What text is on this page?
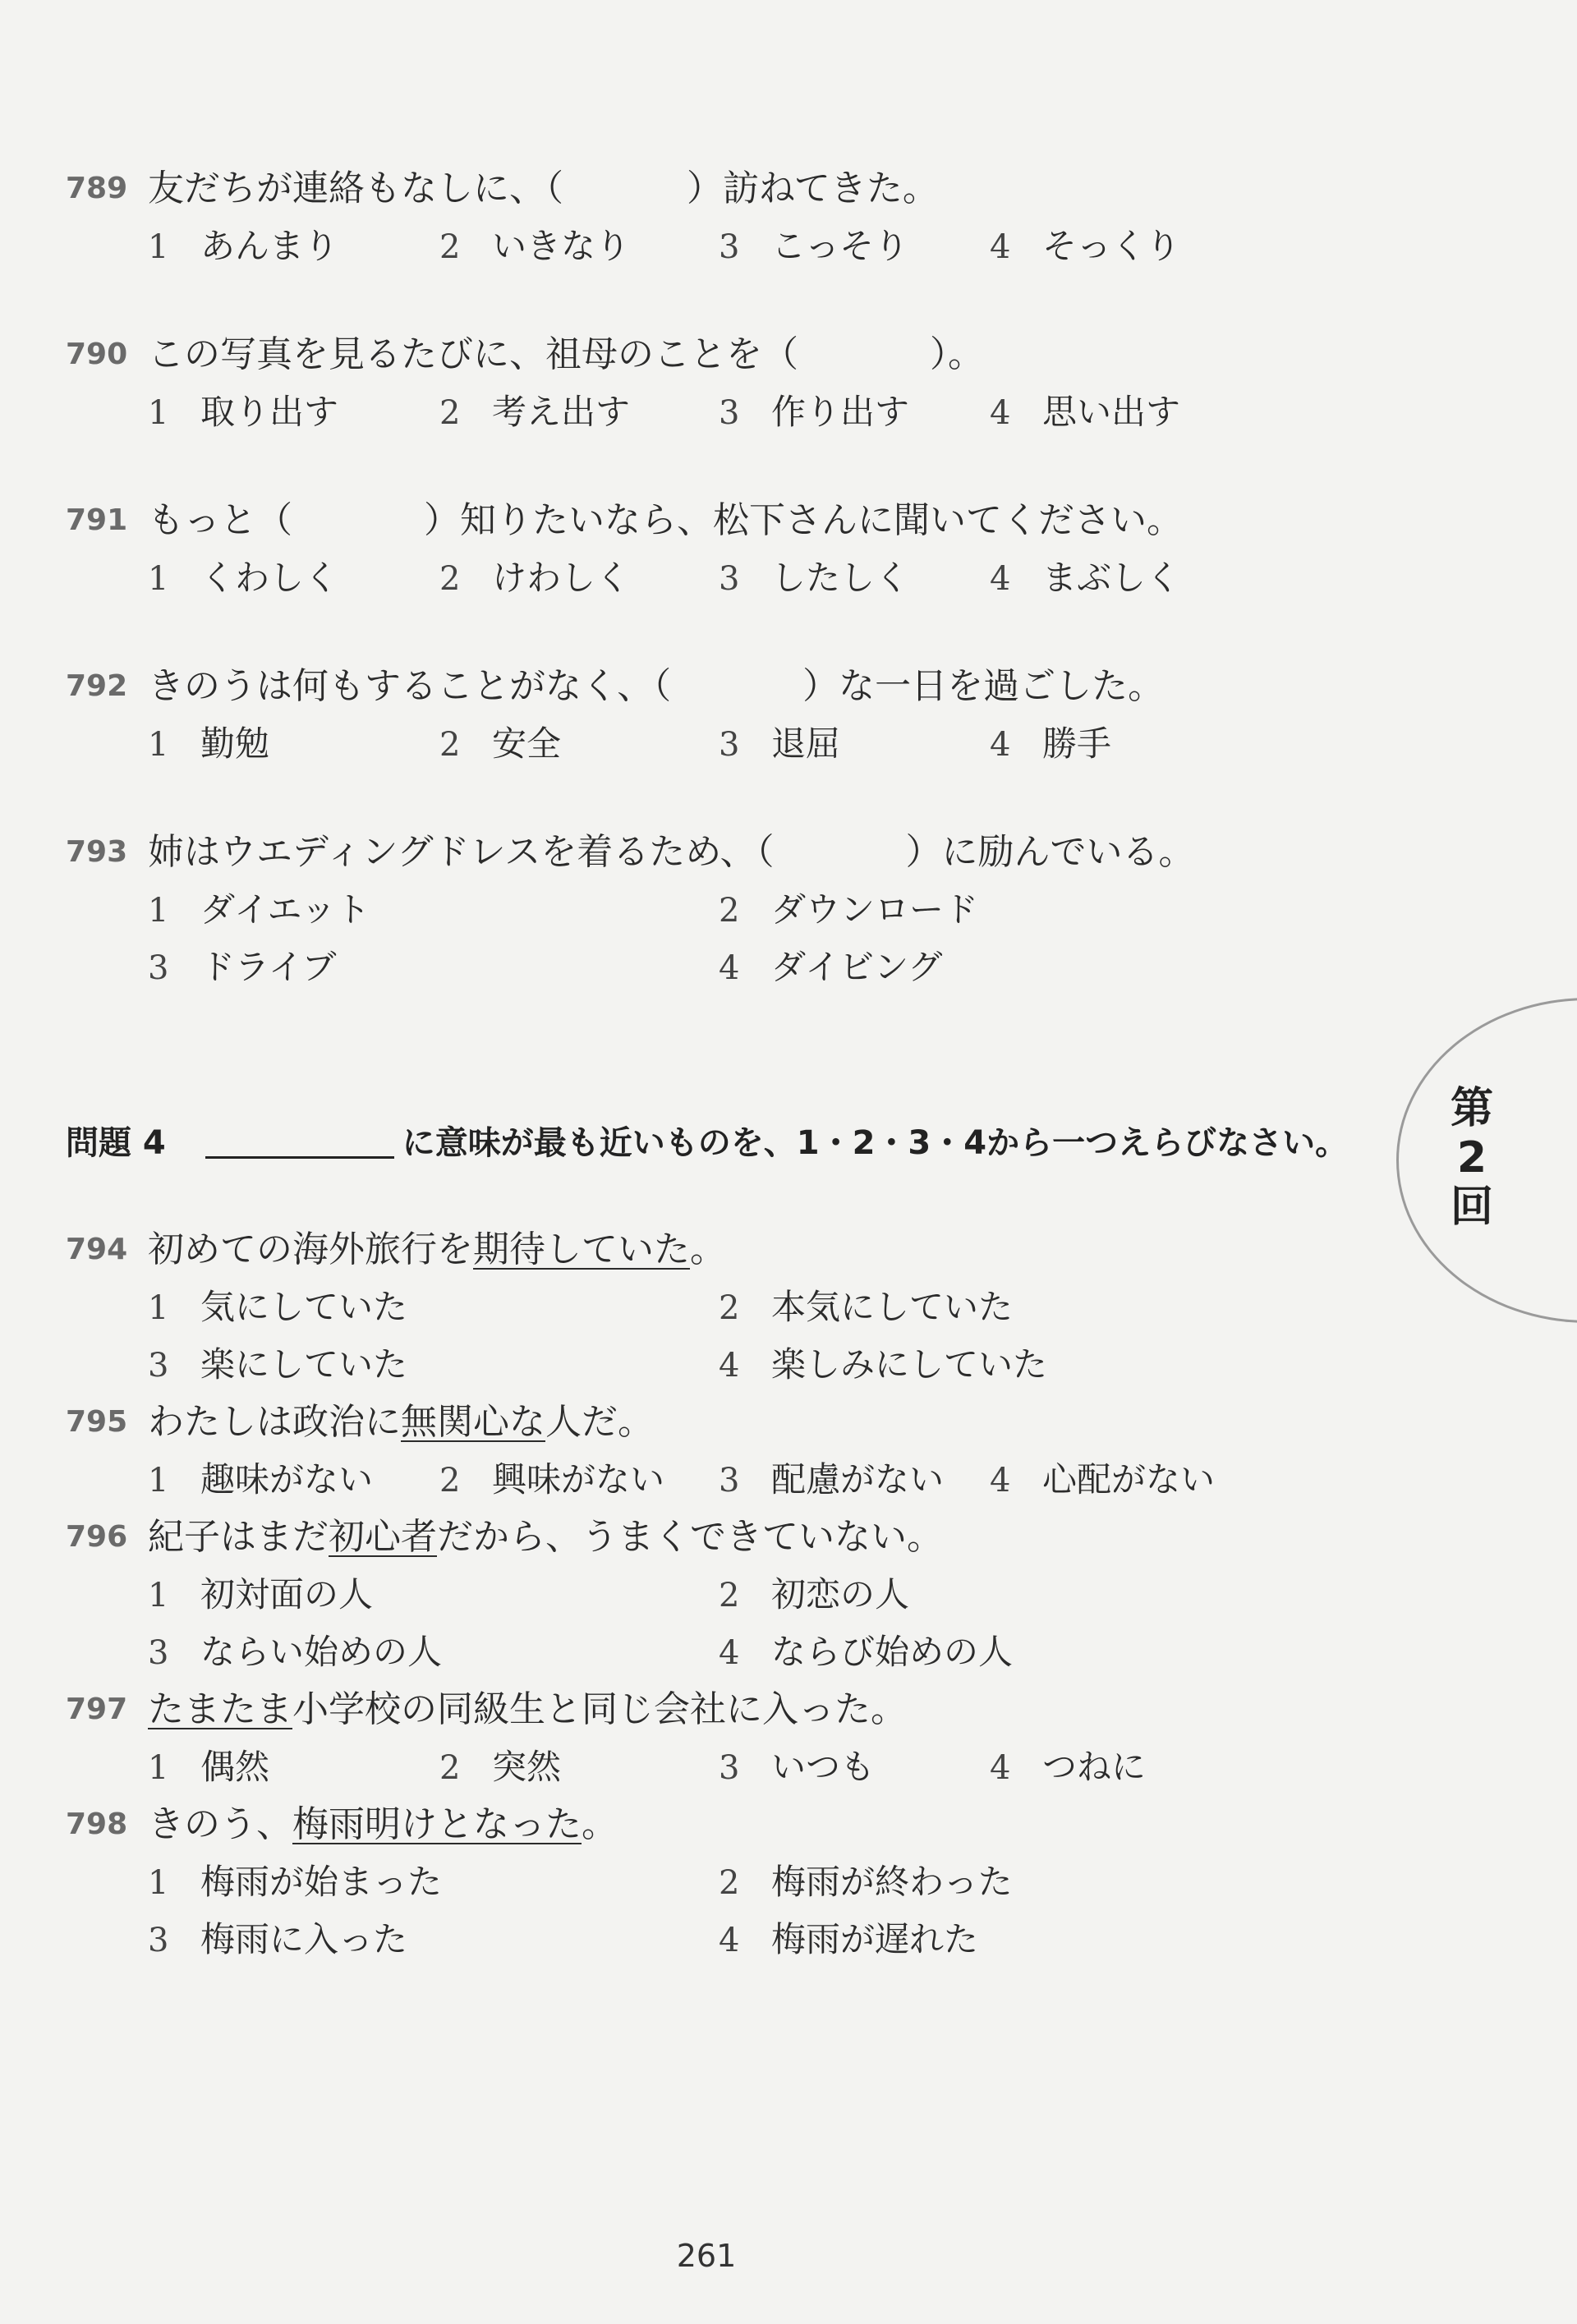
789 友だちが連絡もなしに、（	）訪ねてきた。
1 あんまり	2 いきなり	3 こっそり 4 そっくり
790 この写真を見るたびに、祖母のことを（	）。
1 取り出す	2 考え出す	3 作り出す 4 思い出す
791 もっと（	）知りたいなら、松下さんに聞いてください。
1 くわしく	2 けわしく	3 したしく 4 まぶしく
792 きのうは何もすることがなく、（	）な一日を過ごした。
1 勤勉	2 安全	3 退屈	4 勝手
793 姉はウエディングドレスを着るため、（	）に励んでいる。
1 ダイエット	2 ダウンロード
3 ドライブ	4 ダイビング
問題 4	に意味が最も近いものを、1・2・3・4から一つえらびなさい。
第
2
回
794 初めての海外旅行を期待していた。
1 気にしていた	2 本気にしていた
3 楽にしていた	4 楽しみにしていた
795 わたしは政治に無関心な人だ。
1 趣味がない 2 興味がない 3 配慮がない 4 心配がない
796 紀子はまだ初心者だから、うまくできていない。
1 初対面の人	2 初恋の人
3 ならい始めの人	4 ならび始めの人
797 たまたま小学校の同級生と同じ会社に入った。
1 偶然	2 突然	3 いつも	4 つねに
798 きのう、梅雨明けとなった。
1 梅雨が始まった	2 梅雨が終わった
3 梅雨に入った	4 梅雨が遅れた
261
